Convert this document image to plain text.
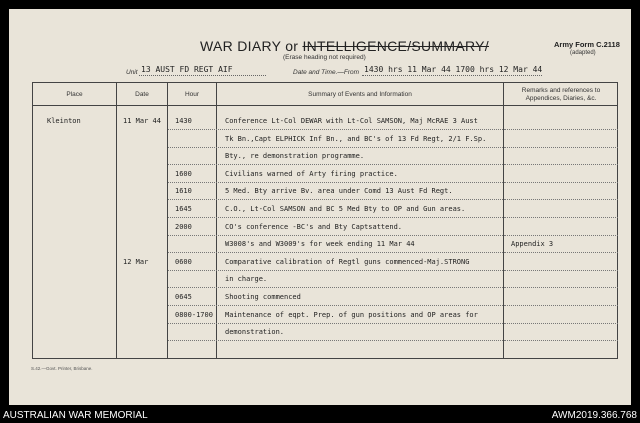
WAR DIARY or INTELLIGENCE/SUMMARY/
(Erase heading not required)
Army Form C.2118
(adapted)
Unit 13 AUST FD REGT AIF	Date and Time.—From 1430 hrs 11 Mar 44 1700 hrs 12 Mar 44
Place	Date	Hour	Summary of Events and Information
Remarks and references to
Appendices, Diaries, &c.
Kleinton	11 Mar 44 1430	Conference Lt-Col DEWAR with Lt-Col SAMSON, Maj McRAE 3 Aust
Tk Bn.,Capt ELPHICK Inf Bn., and BC's of 13 Fd Regt, 2/1 F.Sp.
Bty., re demonstration programme.
1600	Civilians warned of Arty firing practice.
1610	5 Med. Bty arrive Bv. area under Comd 13 Aust Fd Regt.
1645	C.O., Lt-Col SAMSON and BC 5 Med Bty to OP and Gun areas.
2000	CO's conference -BC's and Bty Captsattend.
W3008's and W3009's for week ending 11 Mar 44	Appendix 3
12 Mar	0600	Comparative calibration of Regtl guns commenced-Maj.STRONG
in charge.
0645	Shooting commenced
0800-1700 Maintenance of eqpt. Prep. of gun positions and OP areas for
demonstration.
S.42.—Govt. Printer, Brisbane.
AUSTRALIAN WAR MEMORIAL	AWM2019.366.768
